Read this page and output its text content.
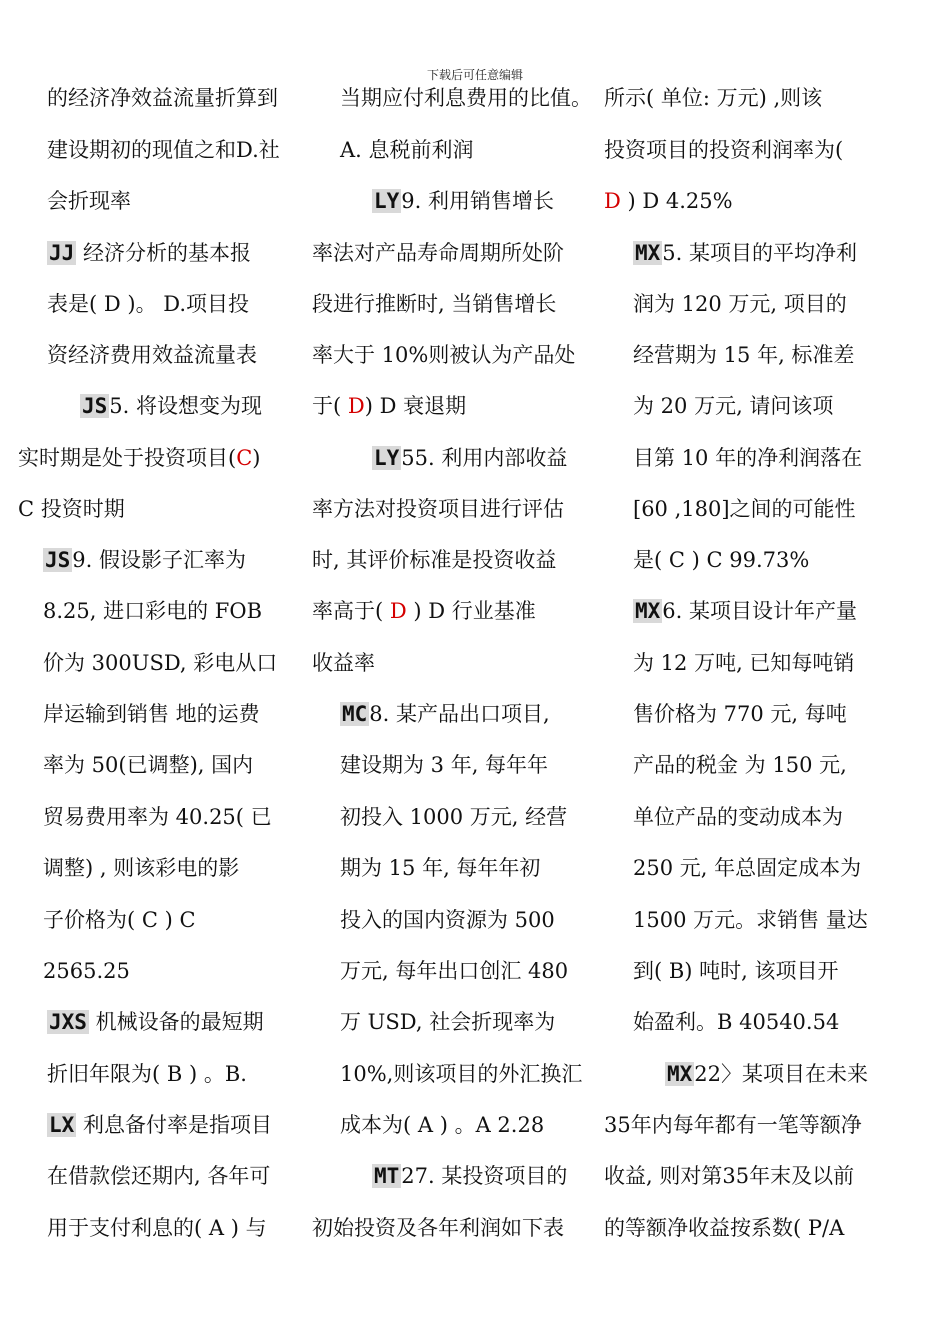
下载后可任意编辑
的经济净效益流量折算到
建设期初的现值之和D.社
会折现率
JJ 经济分析的基本报
表是( D )。 D.项目投
资经济费用效益流量表
JS5. 将设想变为现
实时期是处于投资项目(C)
C 投资时期
JS9. 假设影子汇率为
8.25, 进口彩电的 FOB
价为 300USD, 彩电从口
岸运输到销售 地的运费
率为 50(已调整), 国内
贸易费用率为 40.25( 已
调整) , 则该彩电的影
子价格为( C ) C
2565.25
JXS 机械设备的最短期
折旧年限为( B ) 。B.
LX 利息备付率是指项目
在借款偿还期内, 各年可
用于支付利息的( A ) 与
当期应付利息费用的比值。
A. 息税前利润
LY9. 利用销售增长
率法对产品寿命周期所处阶
段进行推断时, 当销售增长
率大于 10%则被认为产品处
于( D) D 衰退期
LY55. 利用内部收益
率方法对投资项目进行评估
时, 其评价标准是投资收益
率高于( D ) D 行业基准
收益率
MC8. 某产品出口项目,
建设期为 3 年, 每年年
初投入 1000 万元, 经营
期为 15 年, 每年年初
投入的国内资源为 500
万元, 每年出口创汇 480
万 USD, 社会折现率为
10%,则该项目的外汇换汇
成本为( A ) 。A 2.28
MT27. 某投资项目的
初始投资及各年利润如下表
所示( 单位: 万元) ,则该
投资项目的投资利润率为(
D ) D 4.25%
MX5. 某项目的平均净利
润为 120 万元, 项目的
经营期为 15 年, 标准差
为 20 万元, 请问该项
目第 10 年的净利润落在
[60 ,180]之间的可能性
是( C ) C 99.73%
MX6. 某项目设计年产量
为 12 万吨, 已知每吨销
售价格为 770 元, 每吨
产品的税金 为 150 元,
单位产品的变动成本为
250 元, 年总固定成本为
1500 万元。求销售 量达
到( B) 吨时, 该项目开
始盈利。B 40540.54
MX22〉某项目在未来
35年内每年都有一笔等额净
收益, 则对第35年末及以前
的等额净收益按系数( P/A
